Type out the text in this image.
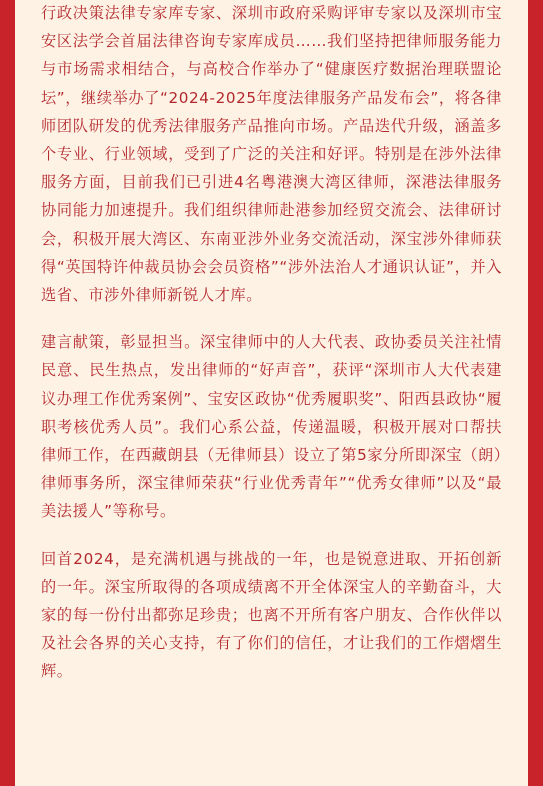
行政决策法律专家库专家、深圳市政府采购评审专家以及深圳市宝安区法学会首届法律咨询专家库成员……我们坚持把律师服务能力与市场需求相结合，与高校合作举办了“健康医疗数据治理联盟论坛”，继续举办了“2024-2025年度法律服务产品发布会”，将各律师团队研发的优秀法律服务产品推向市场。产品迭代升级，涵盖多个专业、行业领域，受到了广泛的关注和好评。特别是在涉外法律服务方面，目前我们已引进4名粤港澳大湾区律师，深港法律服务协同能力加速提升。我们组织律师赴港参加经贸交流会、法律研讨会，积极开展大湾区、东南亚涉外业务交流活动，深宝涉外律师获得“英国特许仲裁员协会会员资格”“涉外法治人才通识认证”，并入选省、市涉外律师新锐人才库。

建言献策，彰显担当。深宝律师中的人大代表、政协委员关注社情民意、民生热点，发出律师的“好声音”，获评“深圳市人大代表建议办理工作优秀案例”、宝安区政协“优秀履职奖”、阳西县政协“履职考核优秀人员”。我们心系公益，传递温暖，积极开展对口帮扶律师工作，在西藏朗县（无律师县）设立了第5家分所即深宝（朗）律师事务所，深宝律师荣获“行业优秀青年”“优秀女律师”以及“最美法援人”等称号。

回首2024，是充满机遇与挑战的一年，也是锐意进取、开拓创新的一年。深宝所取得的各项成绩离不开全体深宝人的辛勤奋斗，大家的每一份付出都弥足珍贵；也离不开所有客户朋友、合作伙伴以及社会各界的关心支持，有了你们的信任，才让我们的工作熠熠生辉。
